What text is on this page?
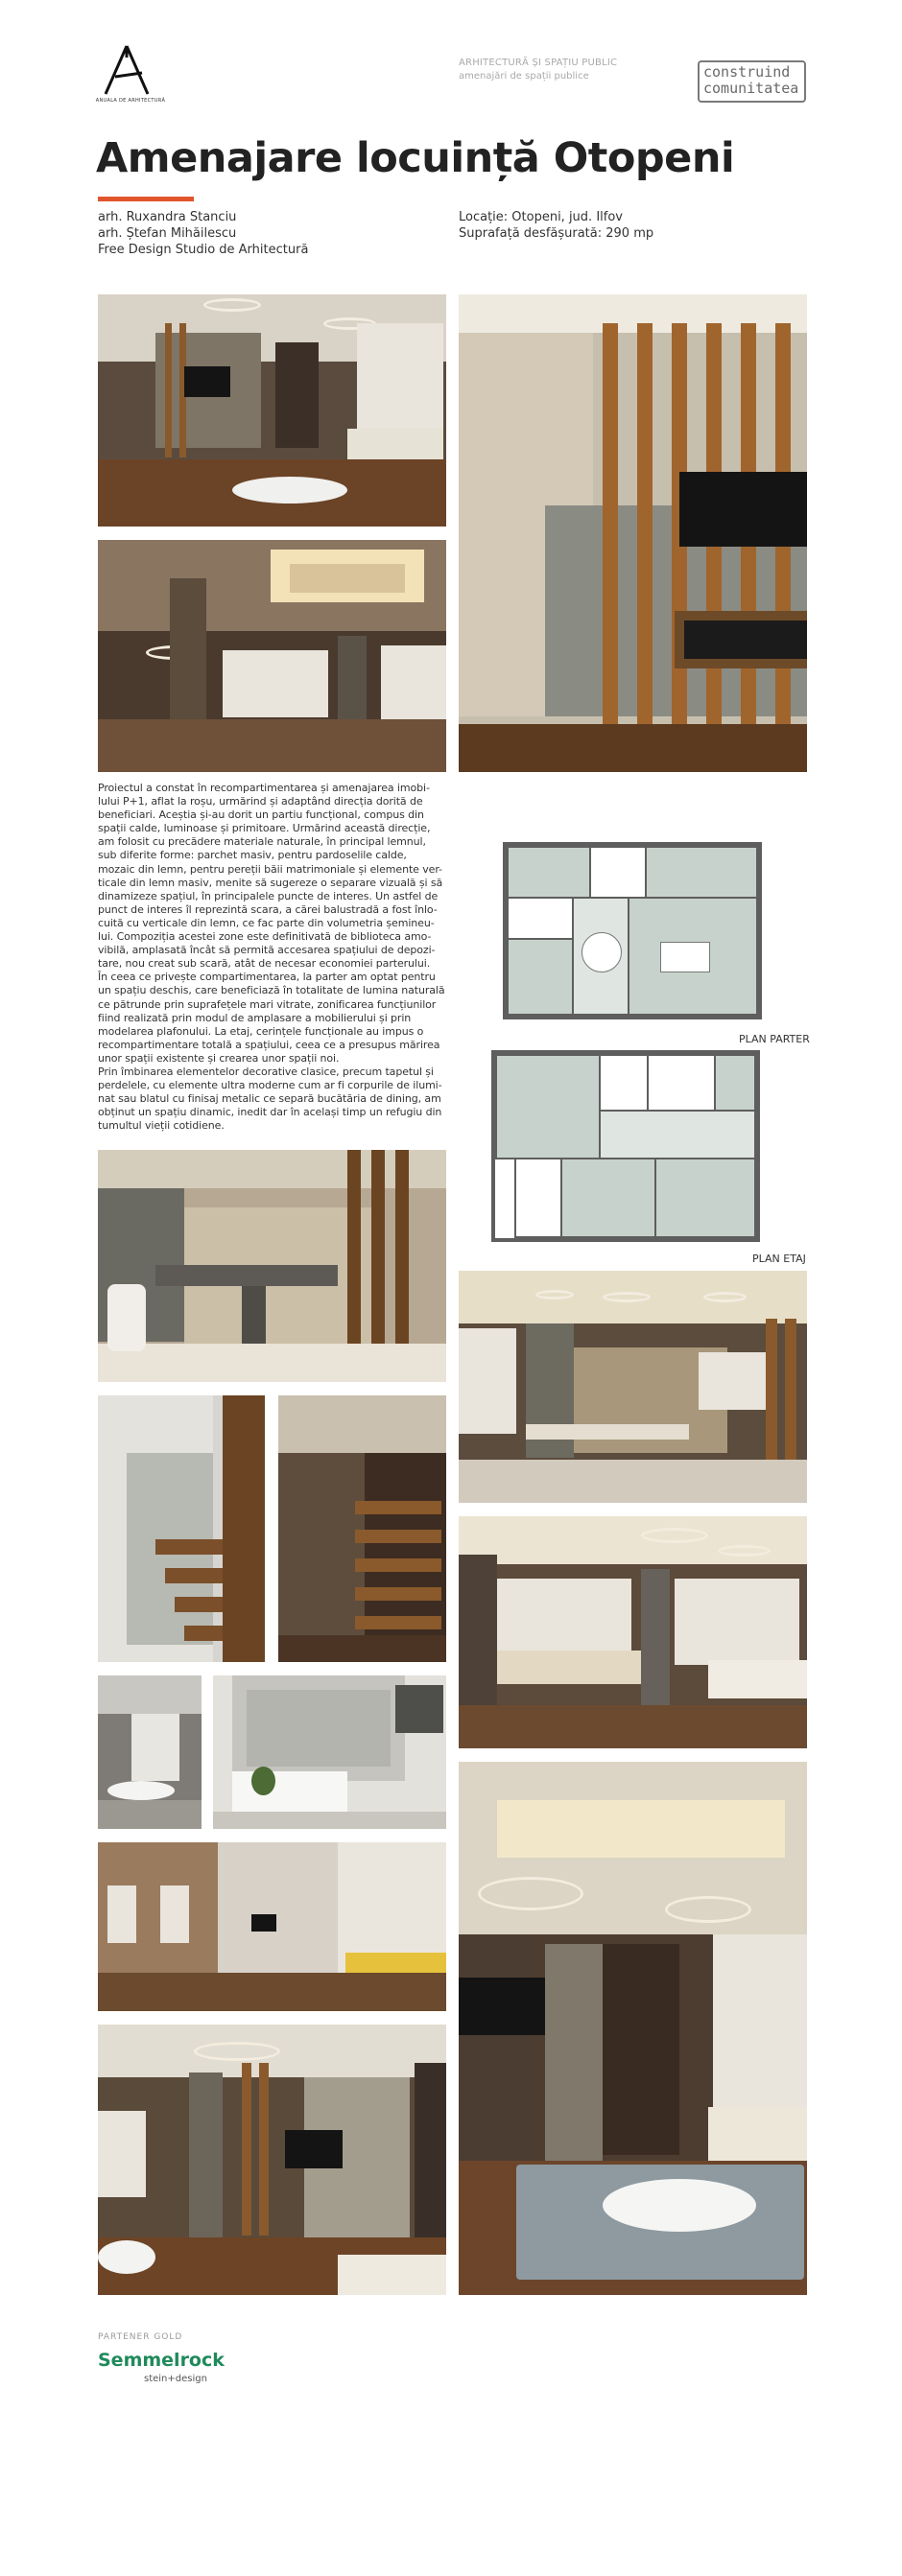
ANUALA DE ARHITECTURĂ
ARHITECTURĂ ȘI SPAȚIU PUBLIC
amenajări de spații publice	construind
comunitatea
Amenajare locuință Otopeni
arh. Ruxandra Stanciu
arh. Ștefan Mihăilescu
Free Design Studio de Arhitectură
Locație: Otopeni, jud. Ilfov
Suprafață desfășurată: 290 mp

Proiectul a constat în recompartimentarea și amenajarea imobi-lului P+1, aflat la roșu, urmărind și adaptând direcția dorită de beneficiari. Aceștia și-au dorit un partiu funcțional, compus din spații calde, luminoase și primitoare. Urmărind această direcție, am folosit cu precădere materiale naturale, în principal lemnul, sub diferite forme: parchet masiv, pentru pardoselile calde, mozaic din lemn, pentru pereții băii matrimoniale și elemente ver-ticale din lemn masiv, menite să sugereze o separare vizuală și să dinamizeze spațiul, în principalele puncte de interes. Un astfel de punct de interes îl reprezintă scara, a cărei balustradă a fost înlo-cuită cu verticale din lemn, ce fac parte din volumetria șemineu-lui. Compoziția acestei zone este definitivată de biblioteca amo-vibilă, amplasată încât să permită accesarea spațiului de depozi-tare, nou creat sub scară, atât de necesar economiei parterului.

În ceea ce privește compartimentarea, la parter am optat pentru un spațiu deschis, care beneficiază în totalitate de lumina naturală ce pătrunde prin suprafețele mari vitrate, zonificarea funcțiunilor fiind realizată prin modul de amplasare a mobilierului și prin modelarea plafonului. La etaj, cerințele funcționale au impus o recompartimentare totală a spațiului, ceea ce a presupus mărirea unor spații existente și crearea unor spații noi.

Prin îmbinarea elementelor decorative clasice, precum tapetul și perdelele, cu elemente ultra moderne cum ar fi corpurile de ilumi-nat sau blatul cu finisaj metalic ce separă bucătăria de dining, am obținut un spațiu dinamic, inedit dar în același timp un refugiu din tumultul vieții cotidiene.

PLAN PARTER
PLAN ETAJ
PARTENER GOLD
Semmelrock
stein+design
